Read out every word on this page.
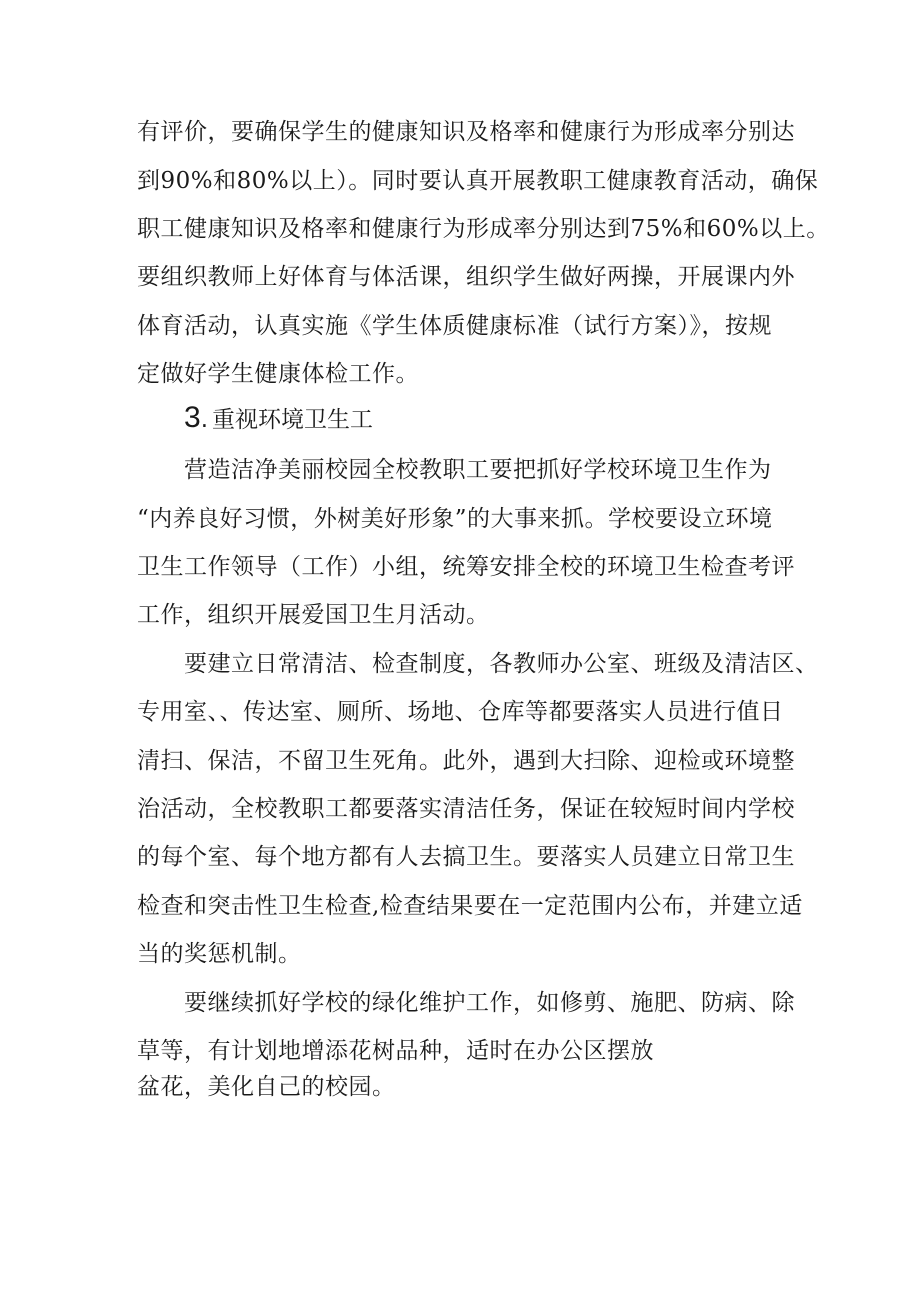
有评价，要确保学生的健康知识及格率和健康行为形成率分别达
到90%和80%以上）。同时要认真开展教职工健康教育活动，确保
职工健康知识及格率和健康行为形成率分别达到75%和60%以上。
要组织教师上好体育与体活课，组织学生做好两操，开展课内外
体育活动，认真实施《学生体质健康标准（试行方案）》，按规
定做好学生健康体检工作。
3. 重视环境卫生工
营造洁净美丽校园全校教职工要把抓好学校环境卫生作为
“内养良好习惯，外树美好形象”的大事来抓。学校要设立环境
卫生工作领导（工作）小组，统筹安排全校的环境卫生检查考评
工作，组织开展爱国卫生月活动。
要建立日常清洁、检查制度，各教师办公室、班级及清洁区、
专用室、、传达室、厕所、场地、仓库等都要落实人员进行值日
清扫、保洁，不留卫生死角。此外，遇到大扫除、迎检或环境整
治活动，全校教职工都要落实清洁任务，保证在较短时间内学校
的每个室、每个地方都有人去搞卫生。要落实人员建立日常卫生
检查和突击性卫生检查,检查结果要在一定范围内公布，并建立适
当的奖惩机制。
要继续抓好学校的绿化维护工作，如修剪、施肥、防病、除
草等，有计划地增添花树品种，适时在办公区摆放
盆花，美化自己的校园。
